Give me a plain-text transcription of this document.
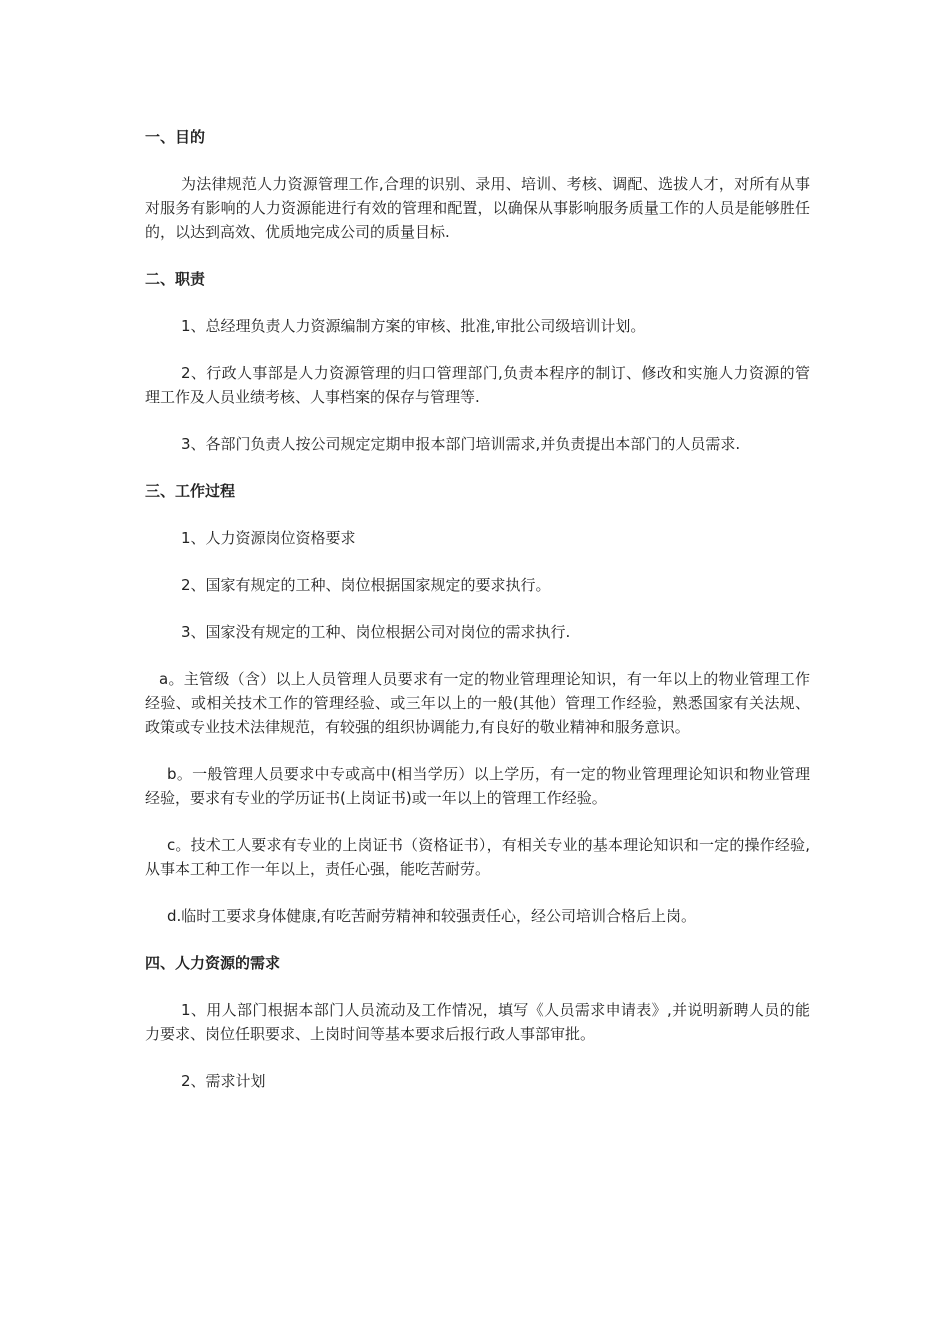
一、目的

为法律规范人力资源管理工作,合理的识别、录用、培训、考核、调配、选拔人才，对所有从事对服务有影响的人力资源能进行有效的管理和配置，以确保从事影响服务质量工作的人员是能够胜任的，以达到高效、优质地完成公司的质量目标.

二、职责

1、总经理负责人力资源编制方案的审核、批准,审批公司级培训计划。

2、行政人事部是人力资源管理的归口管理部门,负责本程序的制订、修改和实施人力资源的管理工作及人员业绩考核、人事档案的保存与管理等.

3、各部门负责人按公司规定定期申报本部门培训需求,并负责提出本部门的人员需求.

三、工作过程

1、人力资源岗位资格要求

2、国家有规定的工种、岗位根据国家规定的要求执行。

3、国家没有规定的工种、岗位根据公司对岗位的需求执行.

a。主管级（含）以上人员管理人员要求有一定的物业管理理论知识，有一年以上的物业管理工作经验、或相关技术工作的管理经验、或三年以上的一般(其他）管理工作经验，熟悉国家有关法规、政策或专业技术法律规范，有较强的组织协调能力,有良好的敬业精神和服务意识。

b。一般管理人员要求中专或高中(相当学历）以上学历，有一定的物业管理理论知识和物业管理经验，要求有专业的学历证书(上岗证书)或一年以上的管理工作经验。

c。技术工人要求有专业的上岗证书（资格证书），有相关专业的基本理论知识和一定的操作经验,从事本工种工作一年以上，责任心强，能吃苦耐劳。

d.临时工要求身体健康,有吃苦耐劳精神和较强责任心，经公司培训合格后上岗。

四、人力资源的需求

1、用人部门根据本部门人员流动及工作情况，填写《人员需求申请表》,并说明新聘人员的能力要求、岗位任职要求、上岗时间等基本要求后报行政人事部审批。

2、需求计划
